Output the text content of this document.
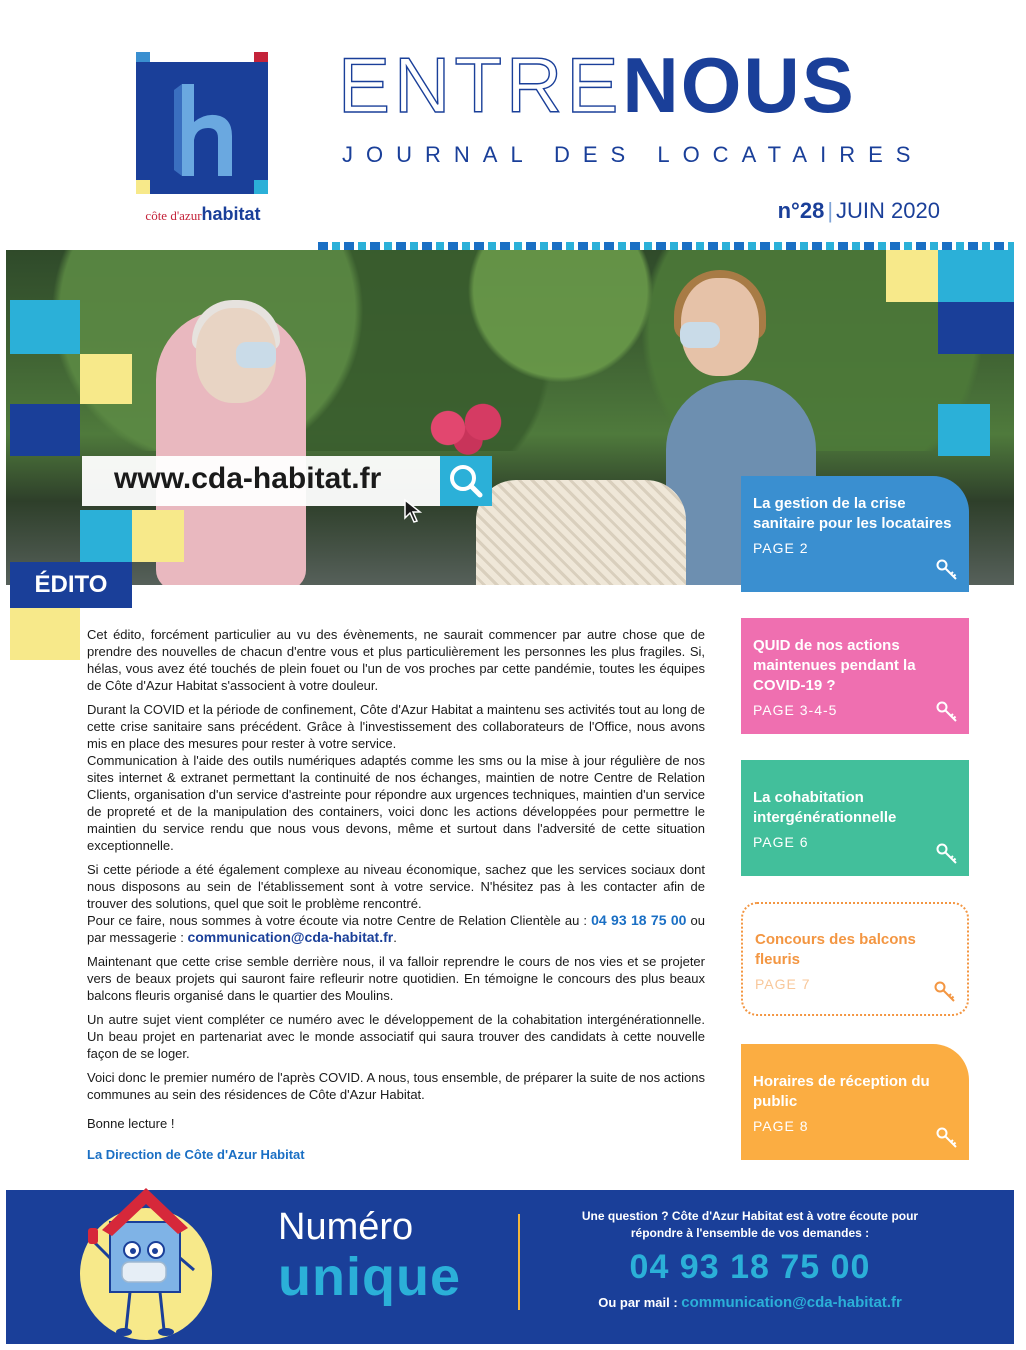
côte d'azurhabitat
ENTRENOUS
JOURNAL DES LOCATAIRES
n°28 | JUIN 2020
www.cda-habitat.fr
ÉDITO
La gestion de la crise sanitaire pour les locataires
PAGE 2
QUID de nos actions maintenues pendant la COVID-19 ?
PAGE 3-4-5
La cohabitation intergénérationnelle
PAGE 6
Concours des balcons fleuris
PAGE 7
Horaires de réception du public
PAGE 8

Cet édito, forcément particulier au vu des évènements, ne saurait commencer par autre chose que de prendre des nouvelles de chacun d'entre vous et plus particulièrement les personnes les plus fragiles. Si, hélas, vous avez été touchés de plein fouet ou l'un de vos proches par cette pandémie, toutes les équipes de Côte d'Azur Habitat s'associent à votre douleur.

Durant la COVID et la période de confinement, Côte d'Azur Habitat a maintenu ses activités tout au long de cette crise sanitaire sans précédent. Grâce à l'investissement des collaborateurs de l'Office, nous avons mis en place des mesures pour rester à votre service.

Communication à l'aide des outils numériques adaptés comme les sms ou la mise à jour régulière de nos sites internet & extranet permettant la continuité de nos échanges, maintien de notre Centre de Relation Clients, organisation d'un service d'astreinte pour répondre aux urgences techniques, maintien d'un service de propreté et de la manipulation des containers, voici donc les actions développées pour permettre le maintien du service rendu que nous vous devons, même et surtout dans l'adversité de cette situation exceptionnelle.

Si cette période a été également complexe au niveau économique, sachez que les services sociaux dont nous disposons au sein de l'établissement sont à votre service. N'hésitez pas à les contacter afin de trouver des solutions, quel que soit le problème rencontré.

Pour ce faire, nous sommes à votre écoute via notre Centre de Relation Clientèle au : 04 93 18 75 00 ou par messagerie : communication@cda-habitat.fr.

Maintenant que cette crise semble derrière nous, il va falloir reprendre le cours de nos vies et se projeter vers de beaux projets qui sauront faire refleurir notre quotidien. En témoigne le concours des plus beaux balcons fleuris organisé dans le quartier des Moulins.

Un autre sujet vient compléter ce numéro avec le développement de la cohabitation intergénérationnelle. Un beau projet en partenariat avec le monde associatif qui saura trouver des candidats à cette nouvelle façon de se loger.

Voici donc le premier numéro de l'après COVID. A nous, tous ensemble, de préparer la suite de nos actions communes au sein des résidences de Côte d'Azur Habitat.

Bonne lecture !

La Direction de Côte d'Azur Habitat

Numéro
unique
Une question ? Côte d'Azur Habitat est à votre écoute pour répondre à l'ensemble de vos demandes :
04 93 18 75 00
Ou par mail : communication@cda-habitat.fr
